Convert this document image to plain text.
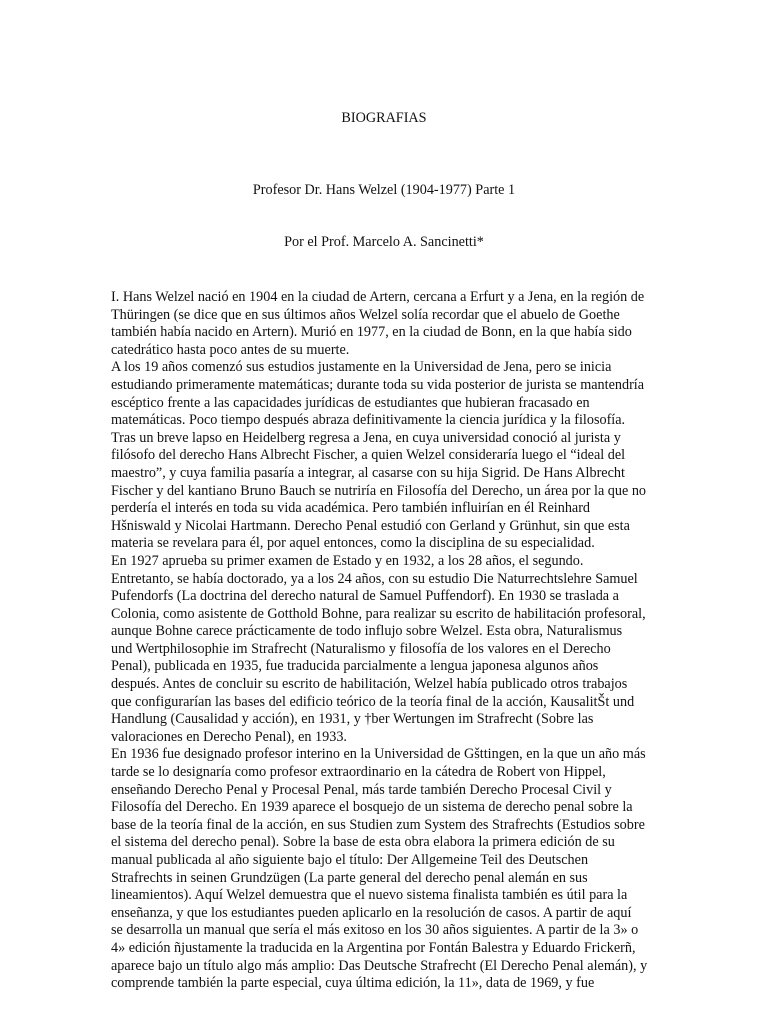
BIOGRAFIAS
Profesor Dr. Hans Welzel (1904-1977) Parte 1

Por el Prof. Marcelo A. Sancinetti*

I. Hans Welzel nació en 1904 en la ciudad de Artern, cercana a Erfurt y a Jena, en la región de
Thüringen (se dice que en sus últimos años Welzel solía recordar que el abuelo de Goethe
también había nacido en Artern). Murió en 1977, en la ciudad de Bonn, en la que había sido
catedrático hasta poco antes de su muerte.
A los 19 años comenzó sus estudios justamente en la Universidad de Jena, pero se inicia
estudiando primeramente matemáticas; durante toda su vida posterior de jurista se mantendría
escéptico frente a las capacidades jurídicas de estudiantes que hubieran fracasado en
matemáticas. Poco tiempo después abraza definitivamente la ciencia jurídica y la filosofía.
Tras un breve lapso en Heidelberg regresa a Jena, en cuya universidad conoció al jurista y
filósofo del derecho Hans Albrecht Fischer, a quien Welzel consideraría luego el “ideal del
maestro”, y cuya familia pasaría a integrar, al casarse con su hija Sigrid. De Hans Albrecht
Fischer y del kantiano Bruno Bauch se nutriría en Filosofía del Derecho, un área por la que no
perdería el interés en toda su vida académica. Pero también influirían en él Reinhard
Hšniswald y Nicolai Hartmann. Derecho Penal estudió con Gerland y Grünhut, sin que esta
materia se revelara para él, por aquel entonces, como la disciplina de su especialidad.
En 1927 aprueba su primer examen de Estado y en 1932, a los 28 años, el segundo.
Entretanto, se había doctorado, ya a los 24 años, con su estudio Die Naturrechtslehre Samuel
Pufendorfs (La doctrina del derecho natural de Samuel Puffendorf). En 1930 se traslada a
Colonia, como asistente de Gotthold Bohne, para realizar su escrito de habilitación profesoral,
aunque Bohne carece prácticamente de todo influjo sobre Welzel. Esta obra, Naturalismus
und Wertphilosophie im Strafrecht (Naturalismo y filosofía de los valores en el Derecho
Penal), publicada en 1935, fue traducida parcialmente a lengua japonesa algunos años
después. Antes de concluir su escrito de habilitación, Welzel había publicado otros trabajos
que configurarían las bases del edificio teórico de la teoría final de la acción, KausalitŠt und
Handlung (Causalidad y acción), en 1931, y †ber Wertungen im Strafrecht (Sobre las
valoraciones en Derecho Penal), en 1933.
En 1936 fue designado profesor interino en la Universidad de Gšttingen, en la que un año más
tarde se lo designaría como profesor extraordinario en la cátedra de Robert von Hippel,
enseñando Derecho Penal y Procesal Penal, más tarde también Derecho Procesal Civil y
Filosofía del Derecho. En 1939 aparece el bosquejo de un sistema de derecho penal sobre la
base de la teoría final de la acción, en sus Studien zum System des Strafrechts (Estudios sobre
el sistema del derecho penal). Sobre la base de esta obra elabora la primera edición de su
manual publicada al año siguiente bajo el título: Der Allgemeine Teil des Deutschen
Strafrechts in seinen Grundzügen (La parte general del derecho penal alemán en sus
lineamientos). Aquí Welzel demuestra que el nuevo sistema finalista también es útil para la
enseñanza, y que los estudiantes pueden aplicarlo en la resolución de casos. A partir de aquí
se desarrolla un manual que sería el más exitoso en los 30 años siguientes. A partir de la 3» o
4» edición ñjustamente la traducida en la Argentina por Fontán Balestra y Eduardo Frickerñ,
aparece bajo un título algo más amplio: Das Deutsche Strafrecht (El Derecho Penal alemán), y
comprende también la parte especial, cuya última edición, la 11», data de 1969, y fue
